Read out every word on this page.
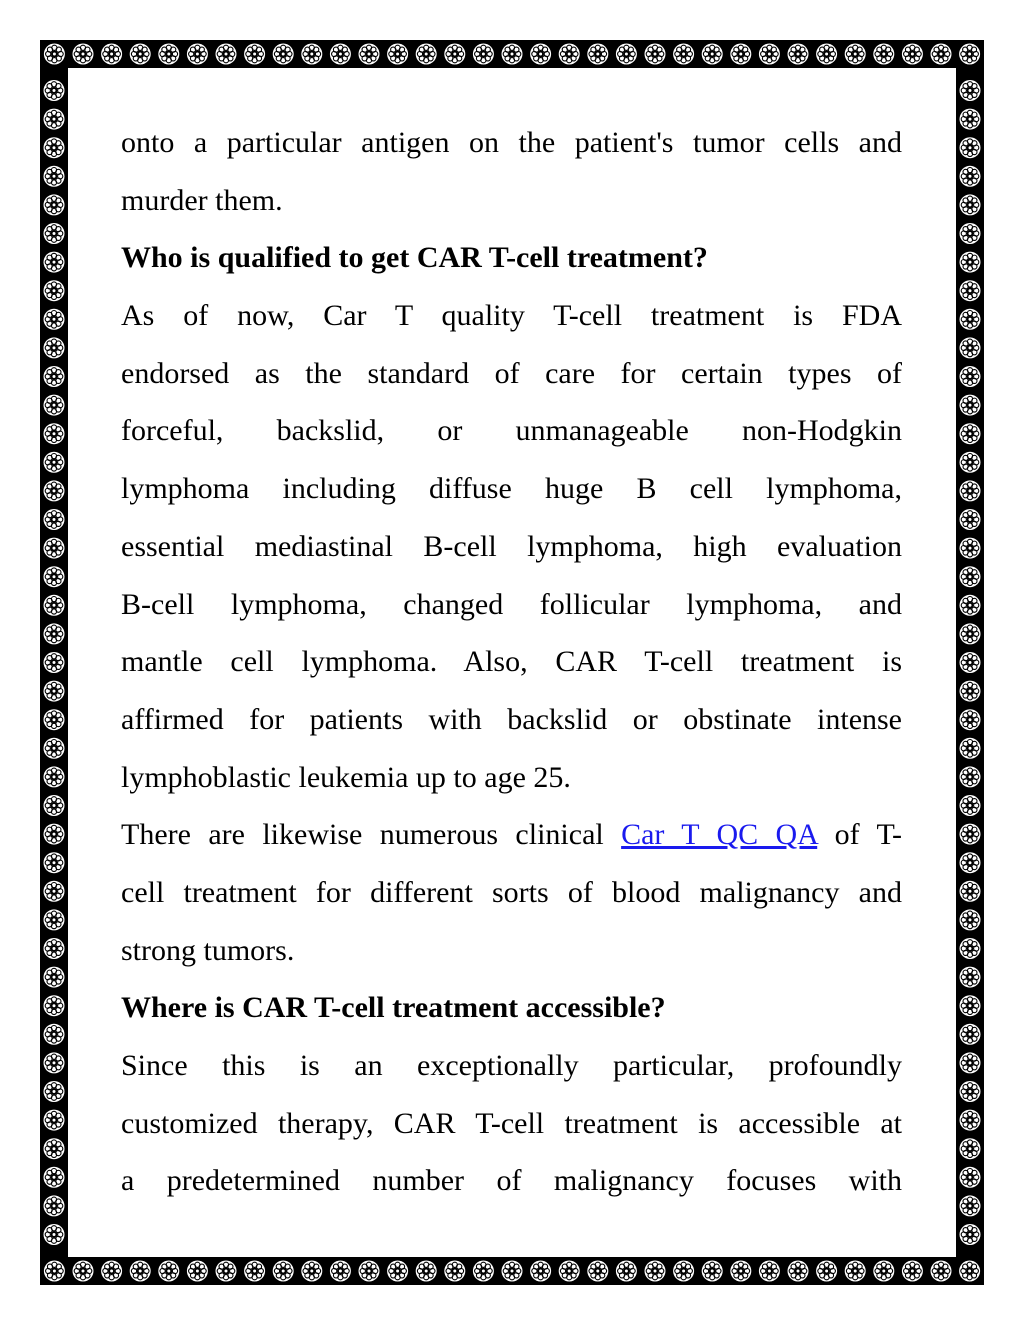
onto a particular antigen on the patient's tumor cells and
murder them.
Who is qualified to get CAR T-cell treatment?
As of now, Car T quality T-cell treatment is FDA
endorsed as the standard of care for certain types of
forceful, backslid, or unmanageable non-Hodgkin
lymphoma including diffuse huge B cell lymphoma,
essential mediastinal B-cell lymphoma, high evaluation
B-cell lymphoma, changed follicular lymphoma, and
mantle cell lymphoma. Also, CAR T-cell treatment is
affirmed for patients with backslid or obstinate intense
lymphoblastic leukemia up to age 25.
There are likewise numerous clinical Car T QC QA of T-
cell treatment for different sorts of blood malignancy and
strong tumors.
Where is CAR T-cell treatment accessible?
Since this is an exceptionally particular, profoundly
customized therapy, CAR T-cell treatment is accessible at
a predetermined number of malignancy focuses with
